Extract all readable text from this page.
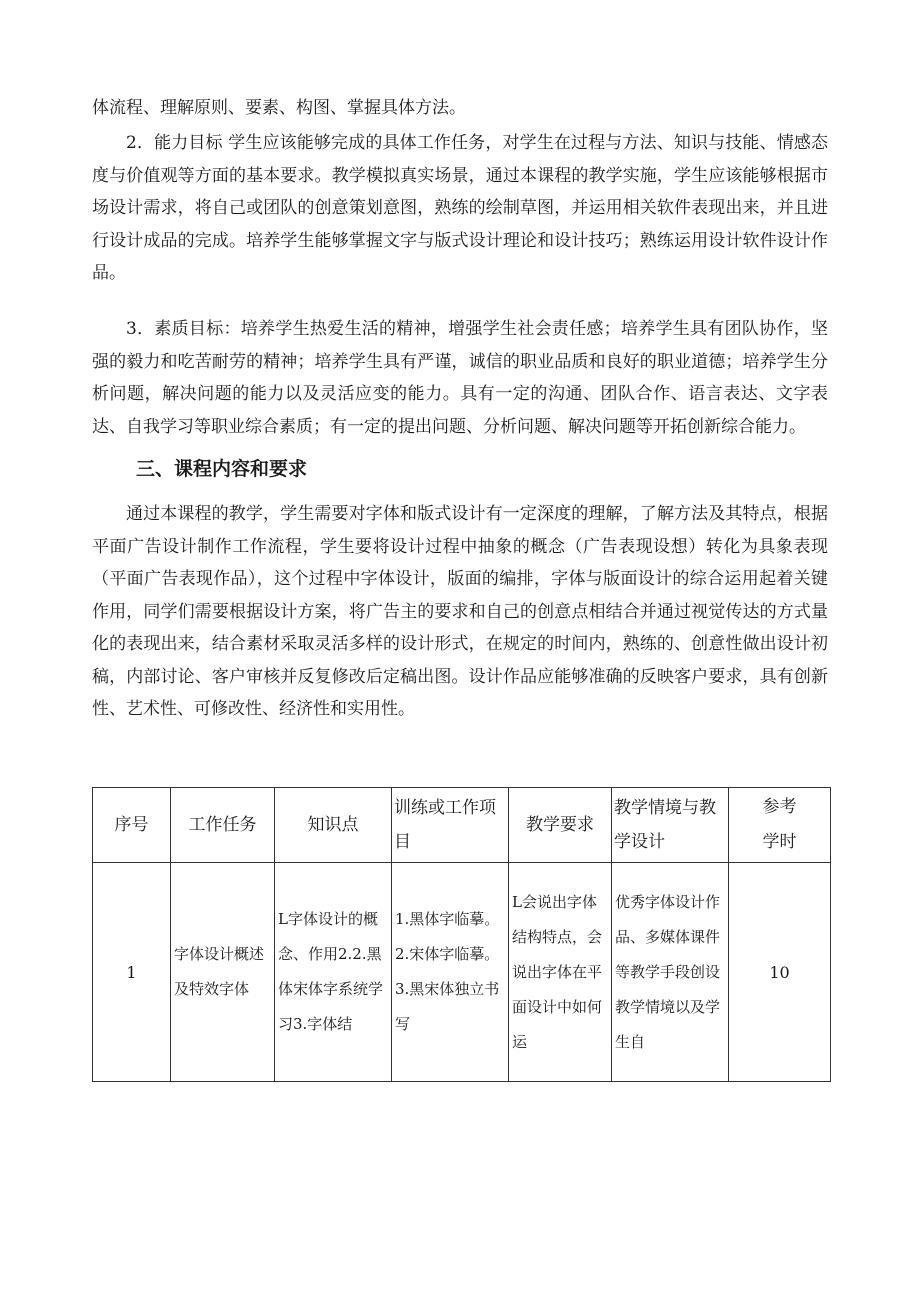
体流程、理解原则、要素、构图、掌握具体方法。

2．能力目标 学生应该能够完成的具体工作任务，对学生在过程与方法、知识与技能、情感态度与价值观等方面的基本要求。教学模拟真实场景，通过本课程的教学实施，学生应该能够根据市场设计需求，将自己或团队的创意策划意图，熟练的绘制草图，并运用相关软件表现出来，并且进行设计成品的完成。培养学生能够掌握文字与版式设计理论和设计技巧；熟练运用设计软件设计作品。

3．素质目标：培养学生热爱生活的精神，增强学生社会责任感；培养学生具有团队协作，坚强的毅力和吃苦耐劳的精神；培养学生具有严谨，诚信的职业品质和良好的职业道德；培养学生分析问题，解决问题的能力以及灵活应变的能力。具有一定的沟通、团队合作、语言表达、文字表达、自我学习等职业综合素质；有一定的提出问题、分析问题、解决问题等开拓创新综合能力。

三、课程内容和要求

通过本课程的教学，学生需要对字体和版式设计有一定深度的理解，了解方法及其特点，根据平面广告设计制作工作流程，学生要将设计过程中抽象的概念（广告表现设想）转化为具象表现（平面广告表现作品），这个过程中字体设计，版面的编排，字体与版面设计的综合运用起着关键作用，同学们需要根据设计方案，将广告主的要求和自己的创意点相结合并通过视觉传达的方式量化的表现出来，结合素材采取灵活多样的设计形式，在规定的时间内，熟练的、创意性做出设计初稿，内部讨论、客户审核并反复修改后定稿出图。设计作品应能够准确的反映客户要求，具有创新性、艺术性、可修改性、经济性和实用性。

序号	工作任务	知识点	训练或工作项目	教学要求	教学情境与教学设计	参考学时
1	字体设计概述及特效字体	L字体设计的概念、作用2.2.黑体宋体字系统学习3.字体结	1.黑体字临摹。2.宋体字临摹。3.黑宋体独立书写	L会说出字体结构特点，会说出字体在平面设计中如何运	优秀字体设计作品、多媒体课件等教学手段创设教学情境以及学生自	10
